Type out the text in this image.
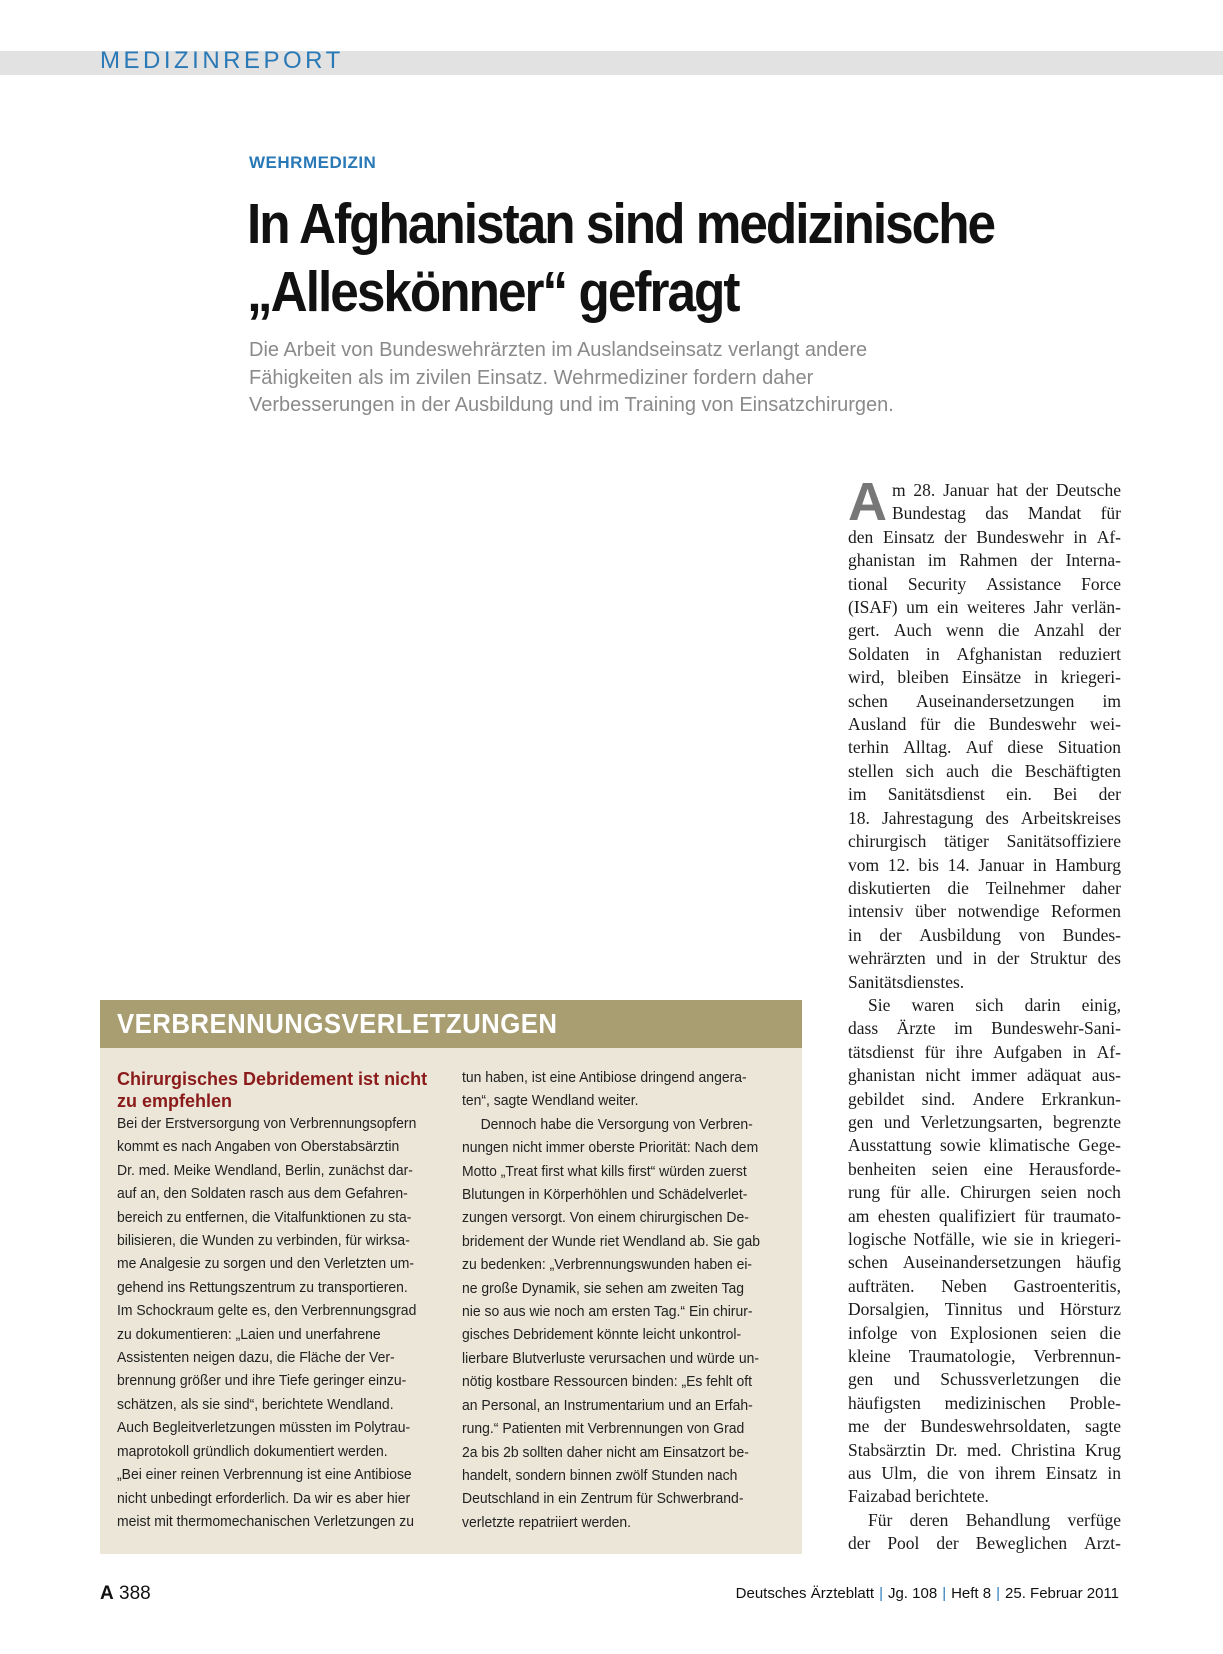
MEDIZINREPORT
WEHRMEDIZIN
In Afghanistan sind medizinische
„Alleskönner“ gefragt
Die Arbeit von Bundeswehrärzten im Auslandseinsatz verlangt andere
Fähigkeiten als im zivilen Einsatz. Wehrmediziner fordern daher
Verbesserungen in der Ausbildung und im Training von Einsatzchirurgen.
A m 28. Januar hat der Deutsche
Bundestag das Mandat für
den Einsatz der Bundeswehr in Af-
ghanistan im Rahmen der Interna-
tional Security Assistance Force
(ISAF) um ein weiteres Jahr verlän-
gert. Auch wenn die Anzahl der
Soldaten in Afghanistan reduziert
wird, bleiben Einsätze in kriegeri-
schen Auseinandersetzungen im
Ausland für die Bundeswehr wei-
terhin Alltag. Auf diese Situation
stellen sich auch die Beschäftigten
im Sanitätsdienst ein. Bei der
18. Jahrestagung des Arbeitskreises
chirurgisch tätiger Sanitätsoffiziere
vom 12. bis 14. Januar in Hamburg
diskutierten die Teilnehmer daher
intensiv über notwendige Reformen
in der Ausbildung von Bundes-
wehrärzten und in der Struktur des
Sanitätsdienstes.
Sie waren sich darin einig,
dass Ärzte im Bundeswehr-Sani-
tätsdienst für ihre Aufgaben in Af-
ghanistan nicht immer adäquat aus-
gebildet sind. Andere Erkrankun-
gen und Verletzungsarten, begrenzte
Ausstattung sowie klimatische Gege-
benheiten seien eine Herausforde-
rung für alle. Chirurgen seien noch
am ehesten qualifiziert für traumato-
logische Notfälle, wie sie in kriegeri-
schen Auseinandersetzungen häufig
aufträten. Neben Gastroenteritis,
Dorsalgien, Tinnitus und Hörsturz
infolge von Explosionen seien die
kleine Traumatologie, Verbrennun-
gen und Schussverletzungen die
häufigsten medizinischen Proble-
me der Bundeswehrsoldaten, sagte
Stabsärztin Dr. med. Christina Krug
aus Ulm, die von ihrem Einsatz in
Faizabad berichtete.
Für deren Behandlung verfüge
der Pool der Beweglichen Arzt-
VERBRENNUNGSVERLETZUNGEN
Chirurgisches Debridement ist nicht
zu empfehlen
Bei der Erstversorgung von Verbrennungsopfern
kommt es nach Angaben von Oberstabsärztin
Dr. med. Meike Wendland, Berlin, zunächst dar-
auf an, den Soldaten rasch aus dem Gefahren-
bereich zu entfernen, die Vitalfunktionen zu sta-
bilisieren, die Wunden zu verbinden, für wirksa-
me Analgesie zu sorgen und den Verletzten um-
gehend ins Rettungszentrum zu transportieren.
Im Schockraum gelte es, den Verbrennungsgrad
zu dokumentieren: „Laien und unerfahrene
Assistenten neigen dazu, die Fläche der Ver-
brennung größer und ihre Tiefe geringer einzu-
schätzen, als sie sind“, berichtete Wendland.
Auch Begleitverletzungen müssten im Polytrau-
maprotokoll gründlich dokumentiert werden.
„Bei einer reinen Verbrennung ist eine Antibiose
nicht unbedingt erforderlich. Da wir es aber hier
meist mit thermomechanischen Verletzungen zu
tun haben, ist eine Antibiose dringend angera-
ten“, sagte Wendland weiter.
Dennoch habe die Versorgung von Verbren-
nungen nicht immer oberste Priorität: Nach dem
Motto „Treat first what kills first“ würden zuerst
Blutungen in Körperhöhlen und Schädelverlet-
zungen versorgt. Von einem chirurgischen De-
bridement der Wunde riet Wendland ab. Sie gab
zu bedenken: „Verbrennungswunden haben ei-
ne große Dynamik, sie sehen am zweiten Tag
nie so aus wie noch am ersten Tag.“ Ein chirur-
gisches Debridement könnte leicht unkontrol-
lierbare Blutverluste verursachen und würde un-
nötig kostbare Ressourcen binden: „Es fehlt oft
an Personal, an Instrumentarium und an Erfah-
rung.“ Patienten mit Verbrennungen von Grad
2a bis 2b sollten daher nicht am Einsatzort be-
handelt, sondern binnen zwölf Stunden nach
Deutschland in ein Zentrum für Schwerbrand-
verletzte repatriiert werden.
A 388	Deutsches Ärzteblatt | Jg. 108 | Heft 8 | 25. Februar 2011
